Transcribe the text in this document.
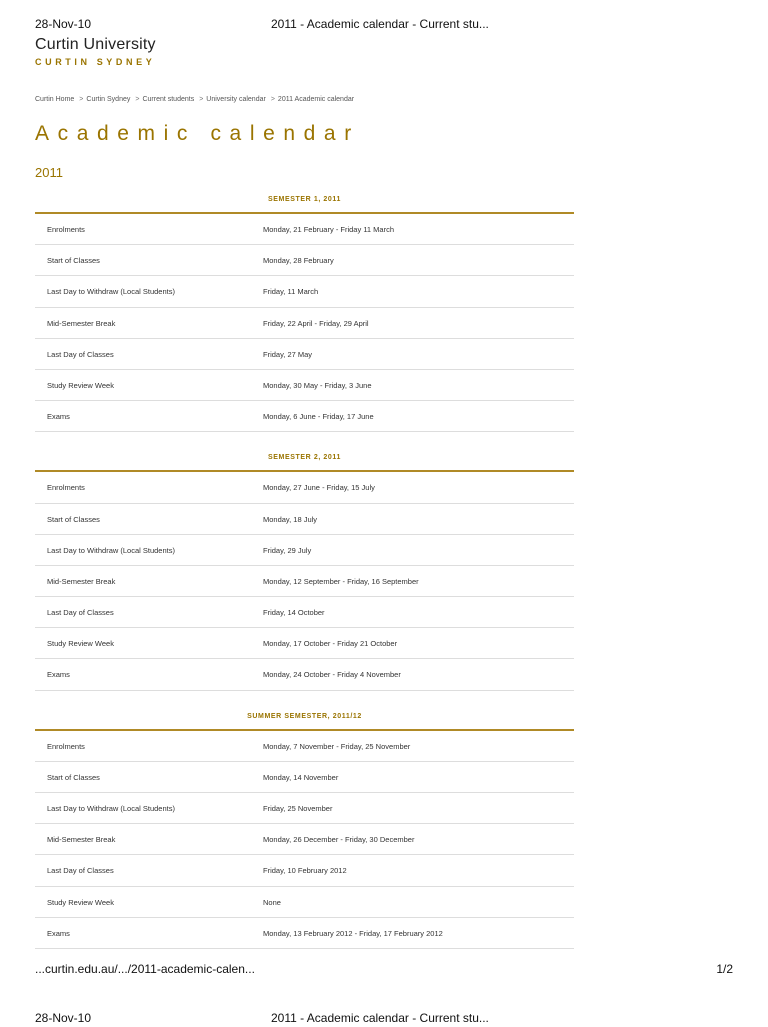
28-Nov-10	2011 - Academic calendar - Current stu...
Curtin University
CURTIN SYDNEY
Curtin Home > Curtin Sydney > Current students > University calendar > 2011 Academic calendar
Academic calendar
2011
SEMESTER 1, 2011
Enrolments	Monday, 21 February - Friday 11 March
Start of Classes	Monday, 28 February
Last Day to Withdraw (Local Students)	Friday, 11 March
Mid-Semester Break	Friday, 22 April - Friday, 29 April
Last Day of Classes	Friday, 27 May
Study Review Week	Monday, 30 May - Friday, 3 June
Exams	Monday, 6 June - Friday, 17 June
SEMESTER 2, 2011
Enrolments	Monday, 27 June - Friday, 15 July
Start of Classes	Monday, 18 July
Last Day to Withdraw (Local Students)	Friday, 29 July
Mid-Semester Break	Monday, 12 September - Friday, 16 September
Last Day of Classes	Friday, 14 October
Study Review Week	Monday, 17 October - Friday 21 October
Exams	Monday, 24 October - Friday 4 November
SUMMER SEMESTER, 2011/12
Enrolments	Monday, 7 November - Friday, 25 November
Start of Classes	Monday, 14 November
Last Day to Withdraw (Local Students)	Friday, 25 November
Mid-Semester Break	Monday, 26 December - Friday, 30 December
Last Day of Classes	Friday, 10 February 2012
Study Review Week	None
Exams	Monday, 13 February 2012 - Friday, 17 February 2012
...curtin.edu.au/.../2011-academic-calen...	1/2
28-Nov-10	2011 - Academic calendar - Current stu...
